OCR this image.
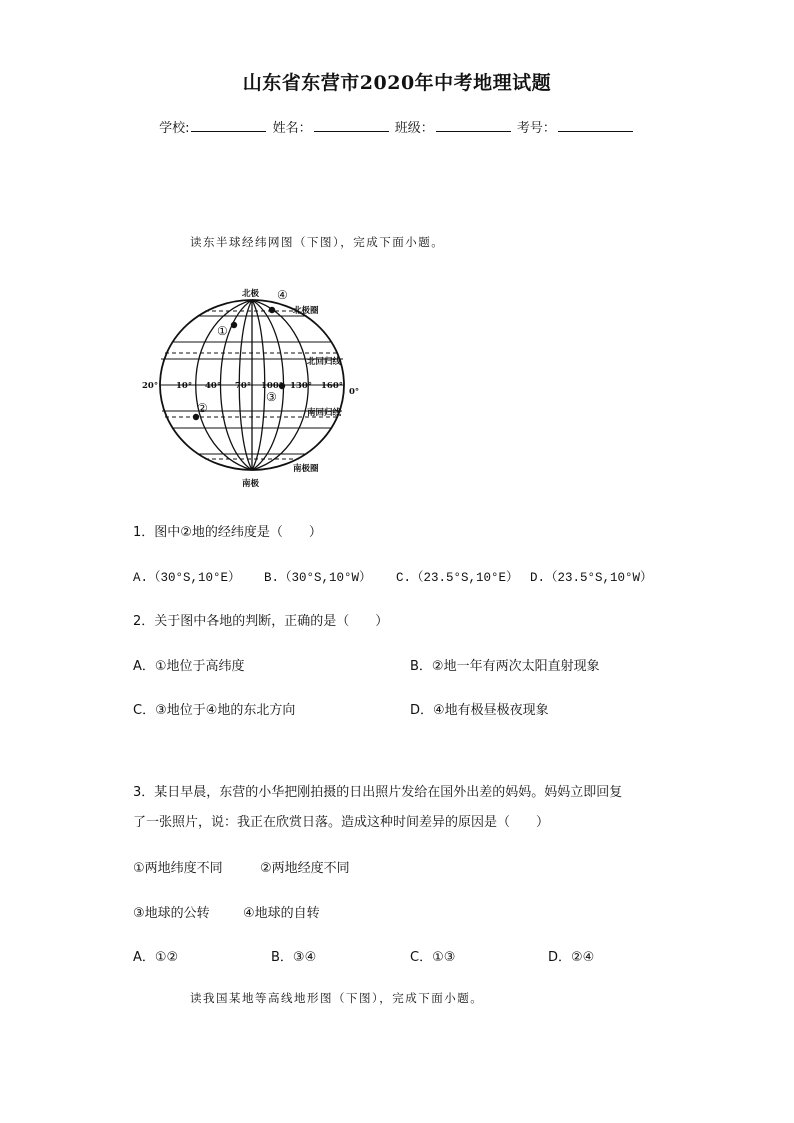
山东省东营市2020年中考地理试题
学校:	姓名：	班级：	考号：
读东半球经纬网图（下图），完成下面小题。
北极
南极
北极圈
北回归线
南回归线
南极圈
20° 10° 40° 70° 100° 130° 160°
0°
①
②
③
④
1．图中②地的经纬度是（　　）
A.（30°S,10°E） B.（30°S,10°W） C.（23.5°S,10°E） D.（23.5°S,10°W）
2．关于图中各地的判断，正确的是（　　）
A．①地位于高纬度	B．②地一年有两次太阳直射现象
C．③地位于④地的东北方向	D．④地有极昼极夜现象
3．某日早晨，东营的小华把刚拍摄的日出照片发给在国外出差的妈妈。妈妈立即回复
了一张照片，说：我正在欣赏日落。造成这种时间差异的原因是（　　）
①两地纬度不同	②两地经度不同
③地球的公转	④地球的自转
A．①②	B．③④	C．①③	D．②④
读我国某地等高线地形图（下图），完成下面小题。
